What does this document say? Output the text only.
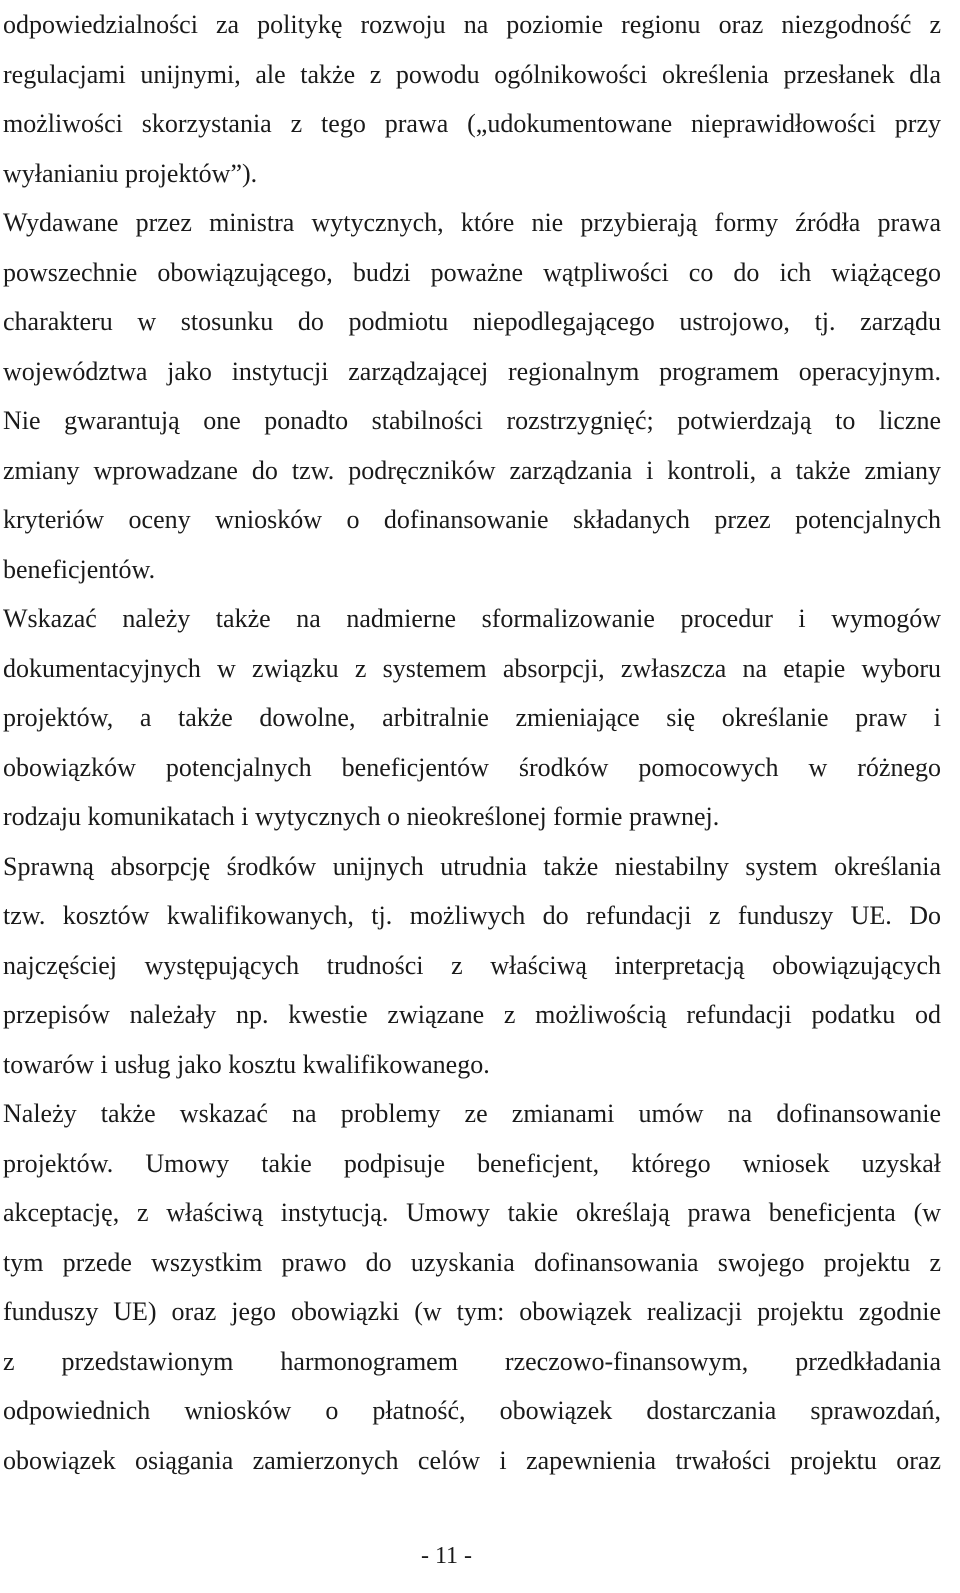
odpowiedzialności za politykę rozwoju na poziomie regionu oraz niezgodność z
regulacjami unijnymi, ale także z powodu ogólnikowości określenia przesłanek dla
możliwości skorzystania z tego prawa („udokumentowane nieprawidłowości przy
wyłanianiu projektów”).
Wydawane przez ministra wytycznych, które nie przybierają formy źródła prawa
powszechnie obowiązującego, budzi poważne wątpliwości co do ich wiążącego
charakteru w stosunku do podmiotu niepodlegającego ustrojowo, tj. zarządu
województwa jako instytucji zarządzającej regionalnym programem operacyjnym.
Nie gwarantują one ponadto stabilności rozstrzygnięć; potwierdzają to liczne
zmiany wprowadzane do tzw. podręczników zarządzania i kontroli, a także zmiany
kryteriów oceny wniosków o dofinansowanie składanych przez potencjalnych
beneficjentów.
Wskazać należy także na nadmierne sformalizowanie procedur i wymogów
dokumentacyjnych w związku z systemem absorpcji, zwłaszcza na etapie wyboru
projektów, a także dowolne, arbitralnie zmieniające się określanie praw i
obowiązków potencjalnych beneficjentów środków pomocowych w różnego
rodzaju komunikatach i wytycznych o nieokreślonej formie prawnej.
Sprawną absorpcję środków unijnych utrudnia także niestabilny system określania
tzw. kosztów kwalifikowanych, tj. możliwych do refundacji z funduszy UE. Do
najczęściej występujących trudności z właściwą interpretacją obowiązujących
przepisów należały np. kwestie związane z możliwością refundacji podatku od
towarów i usług jako kosztu kwalifikowanego.
Należy także wskazać na problemy ze zmianami umów na dofinansowanie
projektów. Umowy takie podpisuje beneficjent, którego wniosek uzyskał
akceptację, z właściwą instytucją. Umowy takie określają prawa beneficjenta (w
tym przede wszystkim prawo do uzyskania dofinansowania swojego projektu z
funduszy UE) oraz jego obowiązki (w tym: obowiązek realizacji projektu zgodnie
z przedstawionym harmonogramem rzeczowo-finansowym, przedkładania
odpowiednich wniosków o płatność, obowiązek dostarczania sprawozdań,
obowiązek osiągania zamierzonych celów i zapewnienia trwałości projektu oraz
- 11 -
